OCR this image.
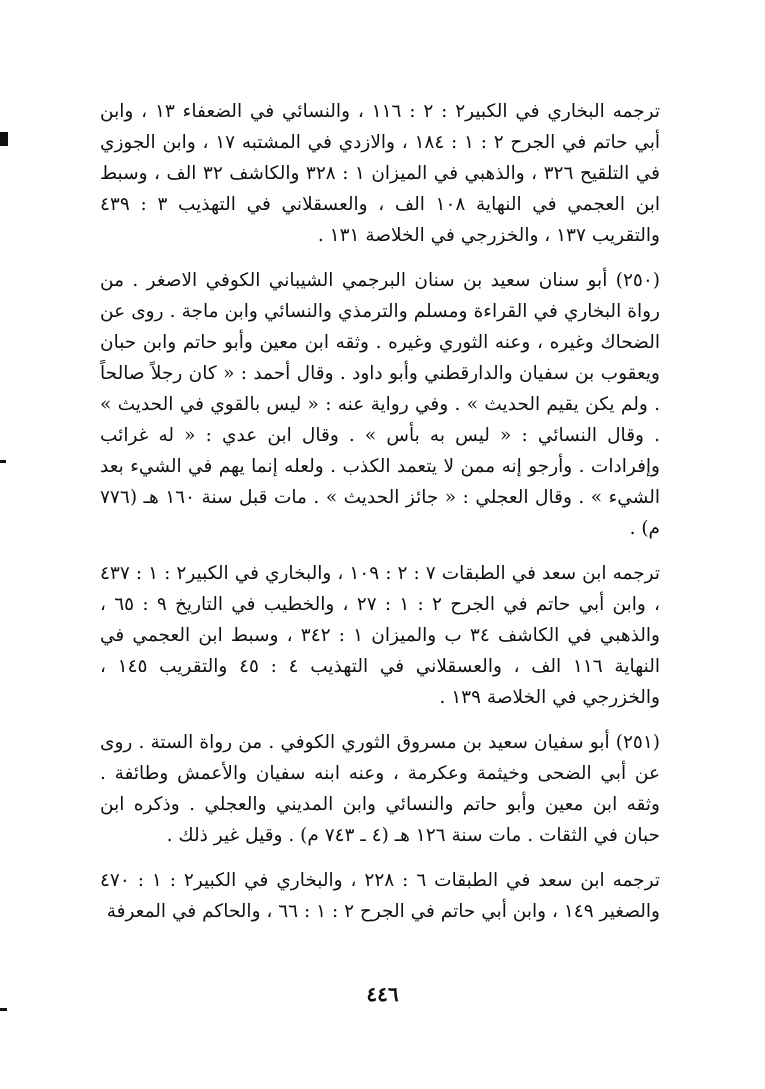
ترجمه البخاري في الكبير٢ : ٢ : ١١٦ ، والنسائي في الضعفاء ١٣ ، وابن أبي حاتم في الجرح ٢ : ١ : ١٨٤ ، والازدي في المشتبه ١٧ ، وابن الجوزي في التلقيح ٣٢٦ ، والذهبي في الميزان ١ : ٣٢٨ والكاشف ٣٢ الف ، وسبط ابن العجمي في النهاية ١٠٨ الف ، والعسقلاني في التهذيب ٣ : ٤٣٩ والتقريب ١٣٧ ، والخزرجي في الخلاصة ١٣١ .

(٢٥٠) أبو سنان سعيد بن سنان البرجمي الشيباني الكوفي الاصغر . من رواة البخاري في القراءة ومسلم والترمذي والنسائي وابن ماجة . روى عن الضحاك وغيره ، وعنه الثوري وغيره . وثقه ابن معين وأبو حاتم وابن حبان ويعقوب بن سفيان والدارقطني وأبو داود . وقال أحمد : « كان رجلاً صالحاً . ولم يكن يقيم الحديث » . وفي رواية عنه : « ليس بالقوي في الحديث » . وقال النسائي : « ليس به بأس » . وقال ابن عدي : « له غرائب وإفرادات . وأرجو إنه ممن لا يتعمد الكذب . ولعله إنما يهم في الشيء بعد الشيء » . وقال العجلي : « جائز الحديث » . مات قبل سنة ١٦٠ هـ (٧٧٦ م) .

ترجمه ابن سعد في الطبقات ٧ : ٢ : ١٠٩ ، والبخاري في الكبير٢ : ١ : ٤٣٧ ، وابن أبي حاتم في الجرح ٢ : ١ : ٢٧ ، والخطيب في التاريخ ٩ : ٦٥ ، والذهبي في الكاشف ٣٤ ب والميزان ١ : ٣٤٢ ، وسبط ابن العجمي في النهاية ١١٦ الف ، والعسقلاني في التهذيب ٤ : ٤٥ والتقريب ١٤٥ ، والخزرجي في الخلاصة ١٣٩ .

(٢٥١) أبو سفيان سعيد بن مسروق الثوري الكوفي . من رواة الستة . روى عن أبي الضحى وخيثمة وعكرمة ، وعنه ابنه سفيان والأعمش وطائفة . وثقه ابن معين وأبو حاتم والنسائي وابن المديني والعجلي . وذكره ابن حبان في الثقات . مات سنة ١٢٦ هـ (٤ ـ ٧٤٣ م) . وقيل غير ذلك .

ترجمه ابن سعد في الطبقات ٦ : ٢٢٨ ، والبخاري في الكبير٢ : ١ : ٤٧٠ والصغير ١٤٩ ، وابن أبي حاتم في الجرح ٢ : ١ : ٦٦ ، والحاكم في المعرفة

٤٤٦
